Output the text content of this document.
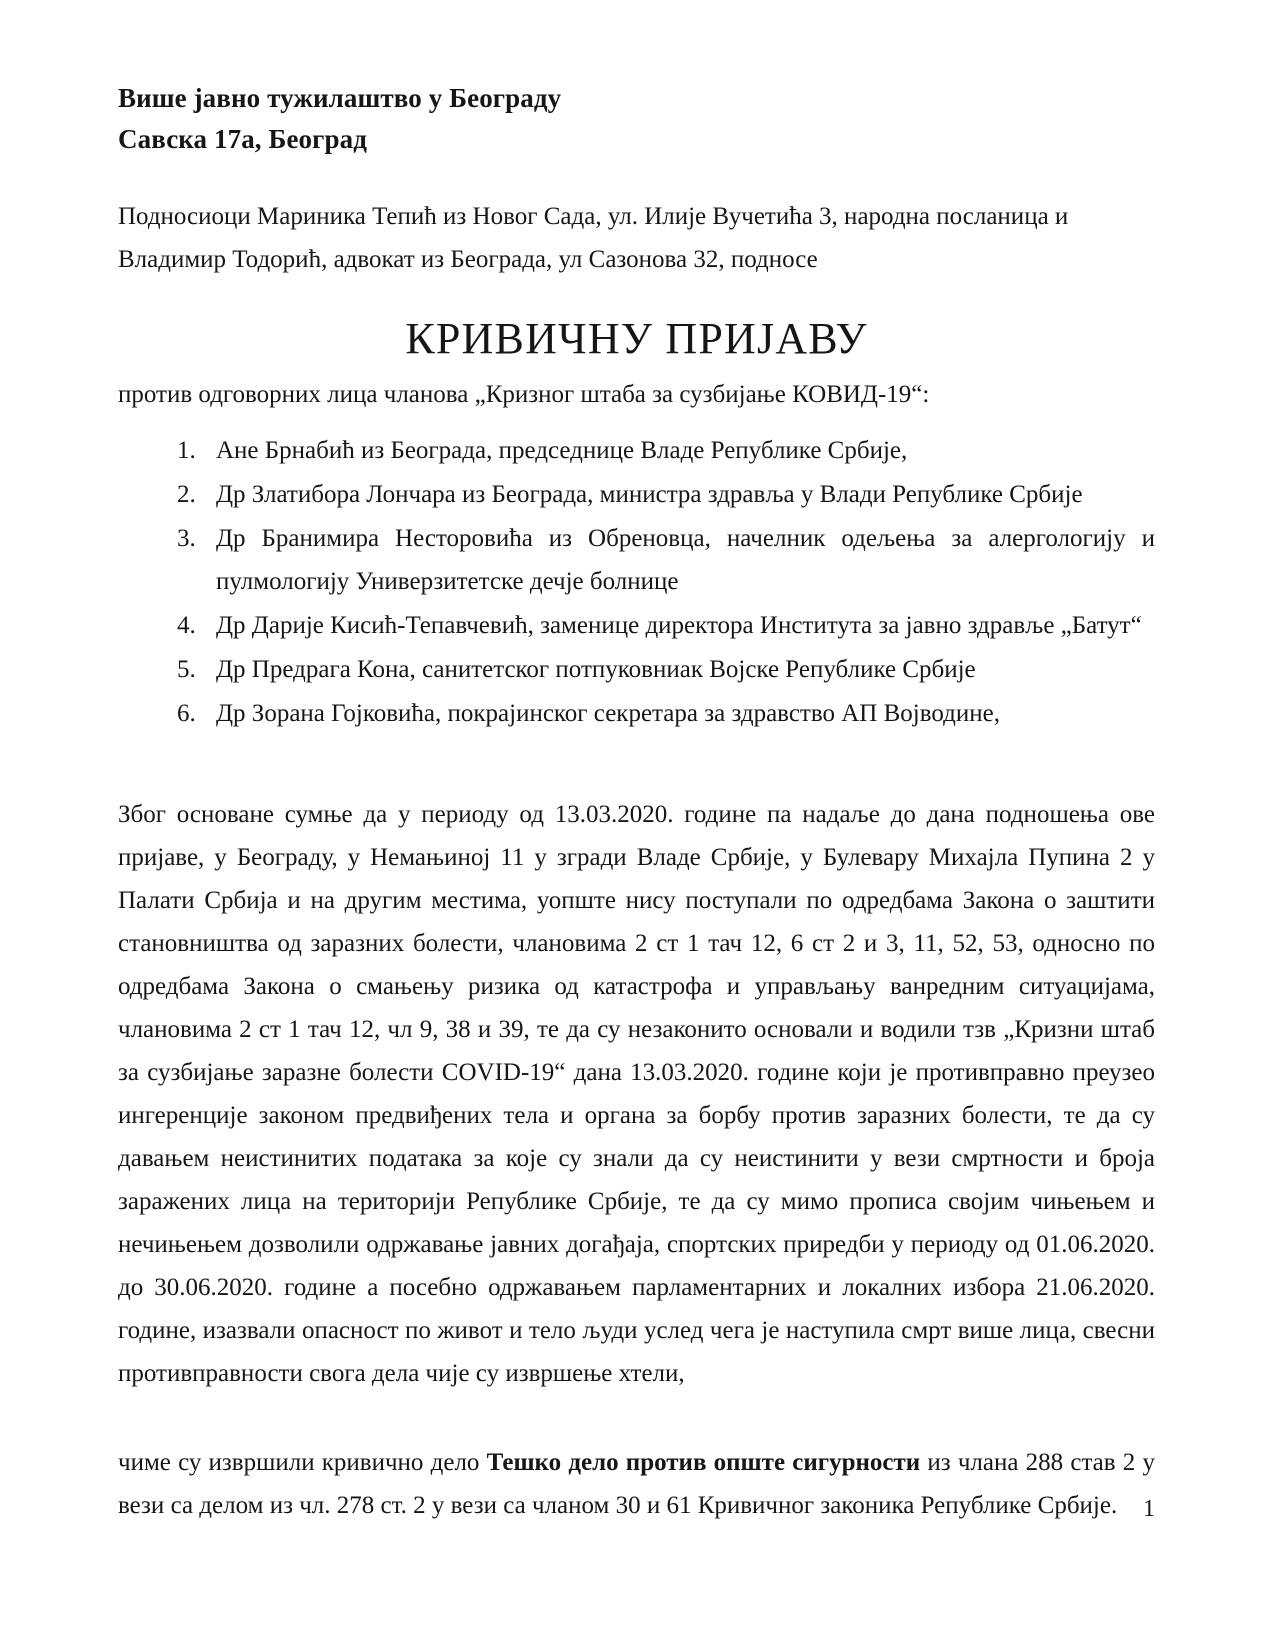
Више јавно тужилаштво у Београду
Савска 17а, Београд
Подносиоци Мариника Тепић из Новог Сада, ул. Илије Вучетића 3, народна посланица и Владимир Тодорић, адвокат из Београда, ул Сазонова 32, подносе
КРИВИЧНУ ПРИЈАВУ
против одговорних лица чланова „Кризног штаба за сузбијање КОВИД-19“:
1. Ане Брнабић из Београда, председнице Владе Републике Србије,
2. Др Златибора Лончара из Београда, министра здравља у Влади Републике Србије
3. Др Бранимира Несторовића из Обреновца, начелник одељења за алергологију и пулмологију Универзитетске дечје болнице
4. Др Дарије Кисић-Тепавчевић, заменице директора Института за јавно здравље „Батут“
5. Др Предрага Кона, санитетског потпуковниак Војске Републике Србије
6. Др Зорана Гојковића, покрајинског секретара за здравство АП Војводине,
Због основане сумње да у периоду од 13.03.2020. године па надаље до дана подношења ове пријаве, у Београду, у Немањиној 11 у згради Владе Србије, у Булевару Михајла Пупина 2 у Палати Србија и на другим местима, уопште нису поступали по одредбама Закона о заштити становништва од заразних болести, члановима 2 ст 1 тач 12, 6 ст 2 и 3, 11, 52, 53, односно по одредбама Закона о смањењу ризика од катастрофа и управљању ванредним ситуацијама, члановима 2 ст 1 тач 12, чл 9, 38 и 39, те да су незаконито основали и водили тзв „Кризни штаб за сузбијање заразне болести COVID-19“ дана 13.03.2020. године који је противправно преузео ингеренције законом предвиђених тела и органа за борбу против заразних болести, те да су давањем неистинитих података за које су знали да су неистинити у вези смртности и броја заражених лица на територији Републике Србије, те да су мимо прописа својим чињењем и нечињењем дозволили одржавање јавних догађаја, спортских приредби у периоду од 01.06.2020. до 30.06.2020. године а посебно одржавањем парламентарних и локалних избора 21.06.2020. године, изазвали опасност по живот и тело људи услед чега је наступила смрт више лица, свесни противправности свога дела чије су извршење хтели,
чиме су извршили кривично дело Тешко дело против опште сигурности из члана 288 став 2 у вези са делом из чл. 278 ст. 2 у вези са чланом 30 и 61 Кривичног законика Републике Србије.	1
